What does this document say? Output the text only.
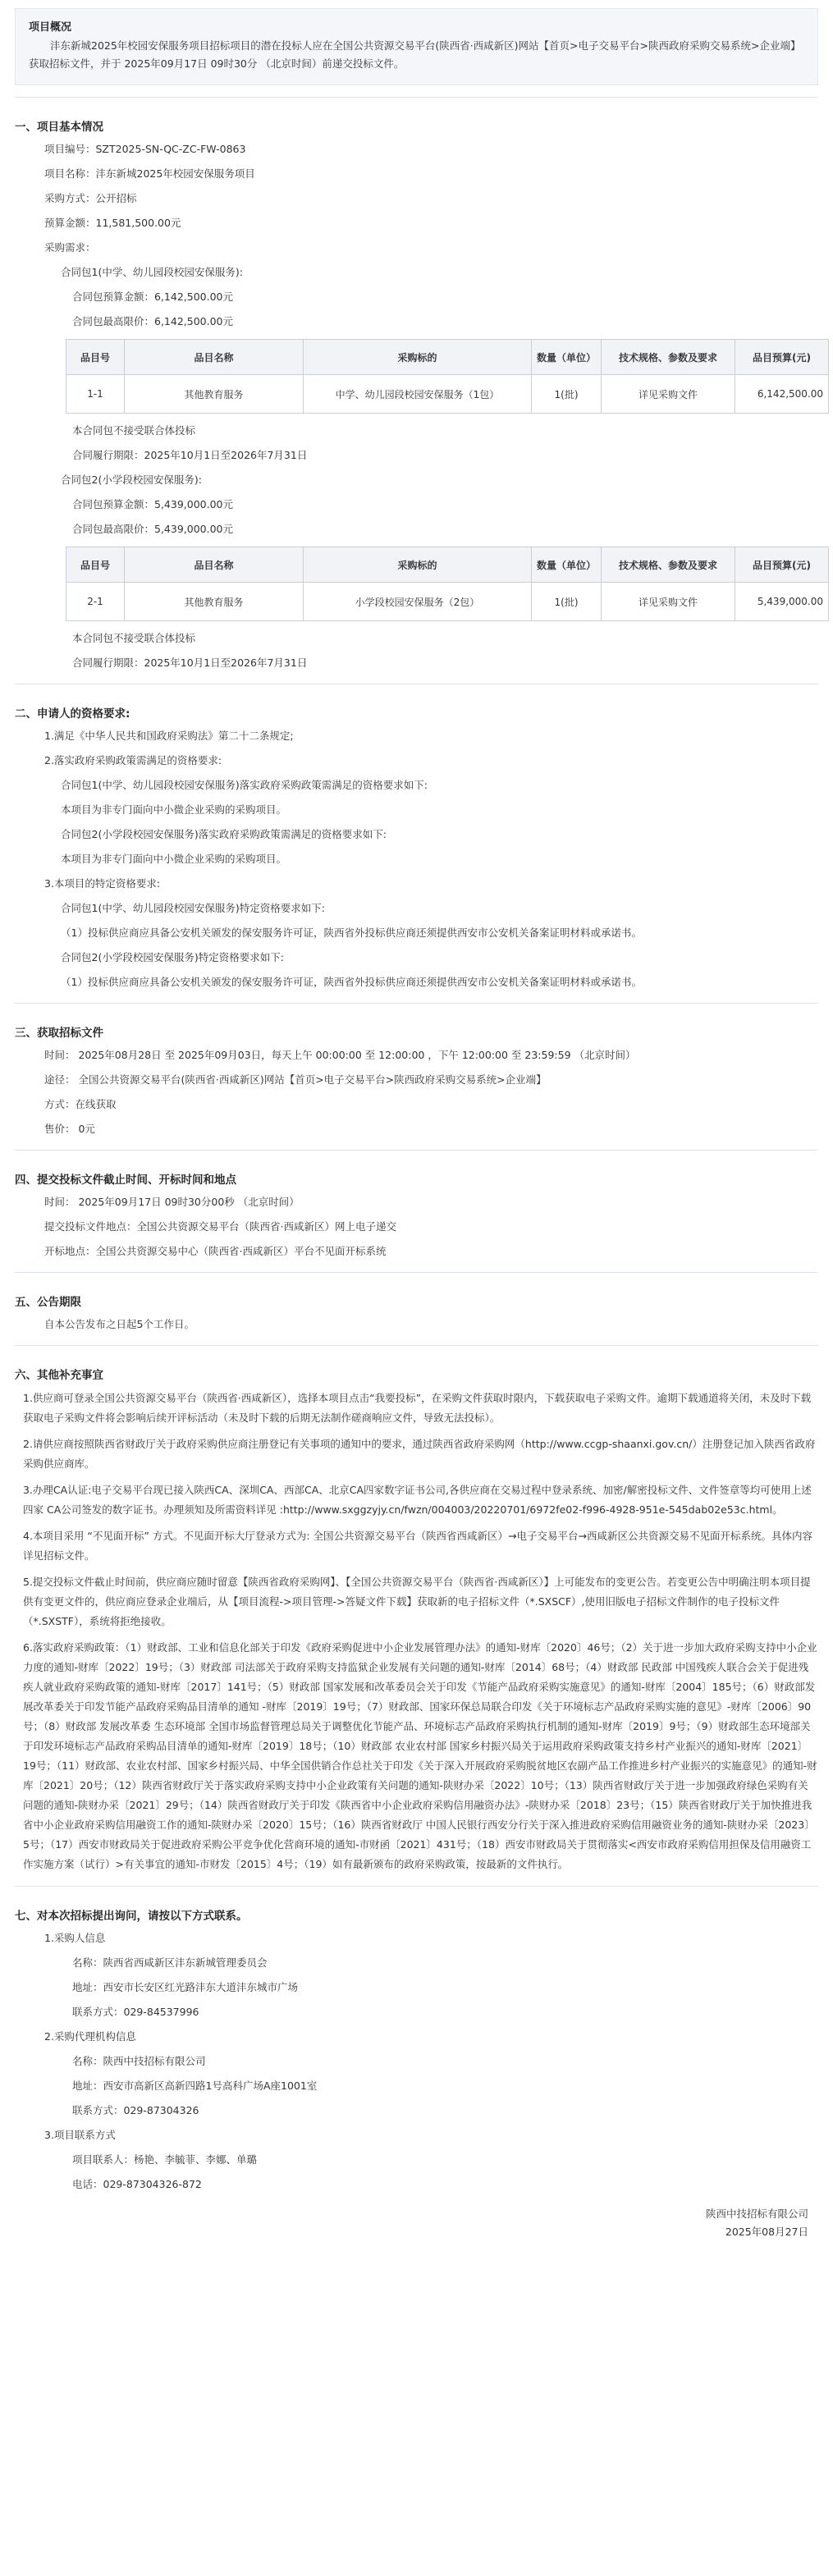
项目概况
沣东新城2025年校园安保服务项目招标项目的潜在投标人应在全国公共资源交易平台(陕西省·西咸新区)网站【首页>电子交易平台>陕西政府采购交易系统>企业端】获取招标文件，并于 2025年09月17日 09时30分 （北京时间）前递交投标文件。
一、项目基本情况
项目编号：SZT2025-SN-QC-ZC-FW-0863
项目名称：沣东新城2025年校园安保服务项目
采购方式：公开招标
预算金额：11,581,500.00元
采购需求：
合同包1(中学、幼儿园段校园安保服务):
合同包预算金额：6,142,500.00元
合同包最高限价：6,142,500.00元
品目号	品目名称	采购标的	数量（单位）	技术规格、参数及要求	品目预算(元)
1-1	其他教育服务	中学、幼儿园段校园安保服务（1包）	1(批)	详见采购文件	6,142,500.00
本合同包不接受联合体投标
合同履行期限：2025年10月1日至2026年7月31日
合同包2(小学段校园安保服务):
合同包预算金额：5,439,000.00元
合同包最高限价：5,439,000.00元
品目号	品目名称	采购标的	数量（单位）	技术规格、参数及要求	品目预算(元)
2-1	其他教育服务	小学段校园安保服务（2包）	1(批)	详见采购文件	5,439,000.00
本合同包不接受联合体投标
合同履行期限：2025年10月1日至2026年7月31日
二、申请人的资格要求:
1.满足《中华人民共和国政府采购法》第二十二条规定;
2.落实政府采购政策需满足的资格要求:
合同包1(中学、幼儿园段校园安保服务)落实政府采购政策需满足的资格要求如下:
本项目为非专门面向中小微企业采购的采购项目。
合同包2(小学段校园安保服务)落实政府采购政策需满足的资格要求如下:
本项目为非专门面向中小微企业采购的采购项目。
3.本项目的特定资格要求:
合同包1(中学、幼儿园段校园安保服务)特定资格要求如下:
（1）投标供应商应具备公安机关颁发的保安服务许可证，陕西省外投标供应商还须提供西安市公安机关备案证明材料或承诺书。
合同包2(小学段校园安保服务)特定资格要求如下:
（1）投标供应商应具备公安机关颁发的保安服务许可证，陕西省外投标供应商还须提供西安市公安机关备案证明材料或承诺书。
三、获取招标文件
时间： 2025年08月28日 至 2025年09月03日，每天上午 00:00:00 至 12:00:00 ，下午 12:00:00 至 23:59:59 （北京时间）
途径： 全国公共资源交易平台(陕西省·西咸新区)网站【首页>电子交易平台>陕西政府采购交易系统>企业端】
方式：在线获取
售价： 0元
四、提交投标文件截止时间、开标时间和地点
时间： 2025年09月17日 09时30分00秒 （北京时间）
提交投标文件地点：全国公共资源交易平台（陕西省·西咸新区）网上电子递交
开标地点：全国公共资源交易中心（陕西省·西咸新区）平台不见面开标系统
五、公告期限
自本公告发布之日起5个工作日。
六、其他补充事宜
1.供应商可登录全国公共资源交易平台（陕西省·西咸新区），选择本项目点击“我要投标”，在采购文件获取时限内，下载获取电子采购文件。逾期下载通道将关闭，未及时下载获取电子采购文件将会影响后续开评标活动（未及时下载的后期无法制作磋商响应文件，导致无法投标）。
2.请供应商按照陕西省财政厅关于政府采购供应商注册登记有关事项的通知中的要求，通过陕西省政府采购网（http://www.ccgp-shaanxi.gov.cn/）注册登记加入陕西省政府采购供应商库。
3.办理CA认证:电子交易平台现已接入陕西CA、深圳CA、西部CA、北京CA四家数字证书公司,各供应商在交易过程中登录系统、加密/解密投标文件、文件签章等均可使用上述四家 CA公司签发的数字证书。办理须知及所需资料详见 :http://www.sxggzyjy.cn/fwzn/004003/20220701/6972fe02-f996-4928-951e-545dab02e53c.html。
4.本项目采用 “不见面开标” 方式。不见面开标大厅登录方式为: 全国公共资源交易平台（陕西省西咸新区）→电子交易平台→西咸新区公共资源交易不见面开标系统。具体内容详见招标文件。
5.提交投标文件截止时间前，供应商应随时留意【陕西省政府采购网】、【全国公共资源交易平台（陕西省·西咸新区）】上可能发布的变更公告。若变更公告中明确注明本项目提供有变更文件的，供应商应登录企业端后，从【项目流程->项目管理->答疑文件下载】获取新的电子招标文件（*.SXSCF）,使用旧版电子招标文件制作的电子投标文件（*.SXSTF），系统将拒绝接收。
6.落实政府采购政策：（1）财政部、工业和信息化部关于印发《政府采购促进中小企业发展管理办法》的通知-财库〔2020〕46号；（2）关于进一步加大政府采购支持中小企业力度的通知-财库〔2022〕19号；（3）财政部 司法部关于政府采购支持监狱企业发展有关问题的通知-财库〔2014〕68号；（4）财政部 民政部 中国残疾人联合会关于促进残疾人就业政府采购政策的通知-财库〔2017〕141号；（5）财政部 国家发展和改革委员会关于印发《节能产品政府采购实施意见》的通知-财库〔2004〕185号；（6）财政部发展改革委关于印发节能产品政府采购品目清单的通知 -财库〔2019〕19号；（7）财政部、国家环保总局联合印发《关于环境标志产品政府采购实施的意见》-财库〔2006〕90号；（8）财政部 发展改革委 生态环境部 全国市场监督管理总局关于调整优化节能产品、环境标志产品政府采购执行机制的通知-财库〔2019〕9号；（9）财政部生态环境部关于印发环境标志产品政府采购品目清单的通知-财库〔2019〕18号；（10）财政部 农业农村部 国家乡村振兴局关于运用政府采购政策支持乡村产业振兴的通知-财库〔2021〕19号；（11）财政部、农业农村部、国家乡村振兴局、中华全国供销合作总社关于印发《关于深入开展政府采购脱贫地区农副产品工作推进乡村产业振兴的实施意见》的通知-财库〔2021〕20号；（12）陕西省财政厅关于落实政府采购支持中小企业政策有关问题的通知-陕财办采〔2022〕10号；（13）陕西省财政厅关于进一步加强政府绿色采购有关问题的通知-陕财办采〔2021〕29号；（14）陕西省财政厅关于印发《陕西省中小企业政府采购信用融资办法》-陕财办采〔2018〕23号；（15）陕西省财政厅关于加快推进我省中小企业政府采购信用融资工作的通知-陕财办采〔2020〕15号；（16）陕西省财政厅 中国人民银行西安分行关于深入推进政府采购信用融资业务的通知-陕财办采〔2023〕5号；（17）西安市财政局关于促进政府采购公平竞争优化营商环境的通知-市财函〔2021〕431号；（18）西安市财政局关于贯彻落实<西安市政府采购信用担保及信用融资工作实施方案（试行）>有关事宜的通知-市财发〔2015〕4号；（19）如有最新颁布的政府采购政策，按最新的文件执行。
七、对本次招标提出询问，请按以下方式联系。
1.采购人信息
名称：陕西省西咸新区沣东新城管理委员会
地址：西安市长安区红光路沣东大道沣东城市广场
联系方式：029-84537996
2.采购代理机构信息
名称：陕西中技招标有限公司
地址：西安市高新区高新四路1号高科广场A座1001室
联系方式：029-87304326
3.项目联系方式
项目联系人：杨艳、李毓菲、李娜、单璐
电话：029-87304326-872
陕西中技招标有限公司
2025年08月27日
